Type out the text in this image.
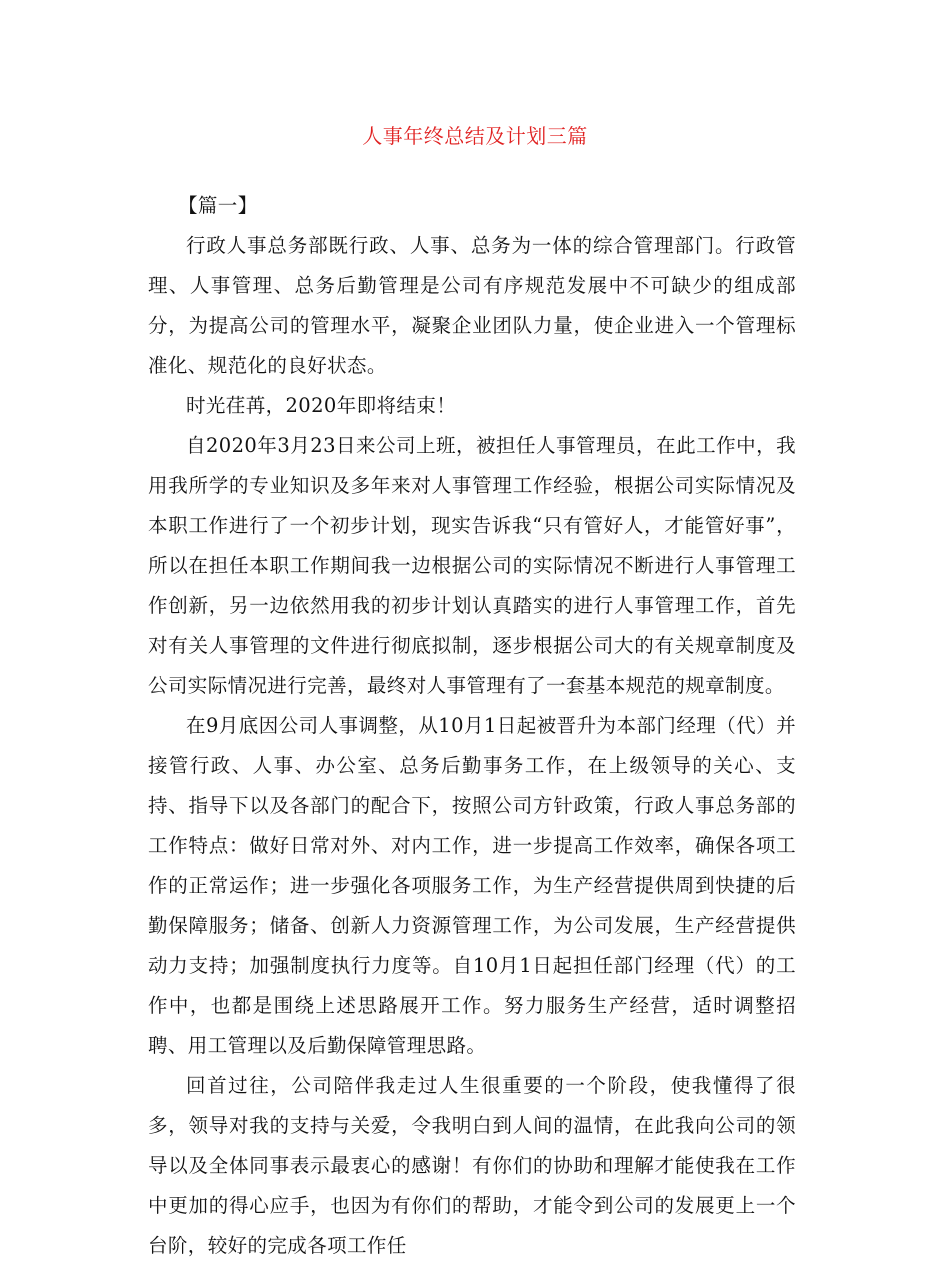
人事年终总结及计划三篇

【篇一】

行政人事总务部既行政、人事、总务为一体的综合管理部门。行政管理、人事管理、总务后勤管理是公司有序规范发展中不可缺少的组成部分，为提高公司的管理水平，凝聚企业团队力量，使企业进入一个管理标准化、规范化的良好状态。

时光荏苒，2020年即将结束！

自2020年3月23日来公司上班，被担任人事管理员，在此工作中，我用我所学的专业知识及多年来对人事管理工作经验，根据公司实际情况及本职工作进行了一个初步计划，现实告诉我“只有管好人，才能管好事”，所以在担任本职工作期间我一边根据公司的实际情况不断进行人事管理工作创新，另一边依然用我的初步计划认真踏实的进行人事管理工作，首先对有关人事管理的文件进行彻底拟制，逐步根据公司大的有关规章制度及公司实际情况进行完善，最终对人事管理有了一套基本规范的规章制度。

在9月底因公司人事调整，从10月1日起被晋升为本部门经理（代）并接管行政、人事、办公室、总务后勤事务工作，在上级领导的关心、支持、指导下以及各部门的配合下，按照公司方针政策，行政人事总务部的工作特点：做好日常对外、对内工作，进一步提高工作效率，确保各项工作的正常运作；进一步强化各项服务工作，为生产经营提供周到快捷的后勤保障服务；储备、创新人力资源管理工作，为公司发展，生产经营提供动力支持；加强制度执行力度等。自10月1日起担任部门经理（代）的工作中，也都是围绕上述思路展开工作。努力服务生产经营，适时调整招聘、用工管理以及后勤保障管理思路。

回首过往，公司陪伴我走过人生很重要的一个阶段，使我懂得了很多，领导对我的支持与关爱，令我明白到人间的温情，在此我向公司的领导以及全体同事表示最衷心的感谢！有你们的协助和理解才能使我在工作中更加的得心应手，也因为有你们的帮助，才能令到公司的发展更上一个台阶，较好的完成各项工作任
